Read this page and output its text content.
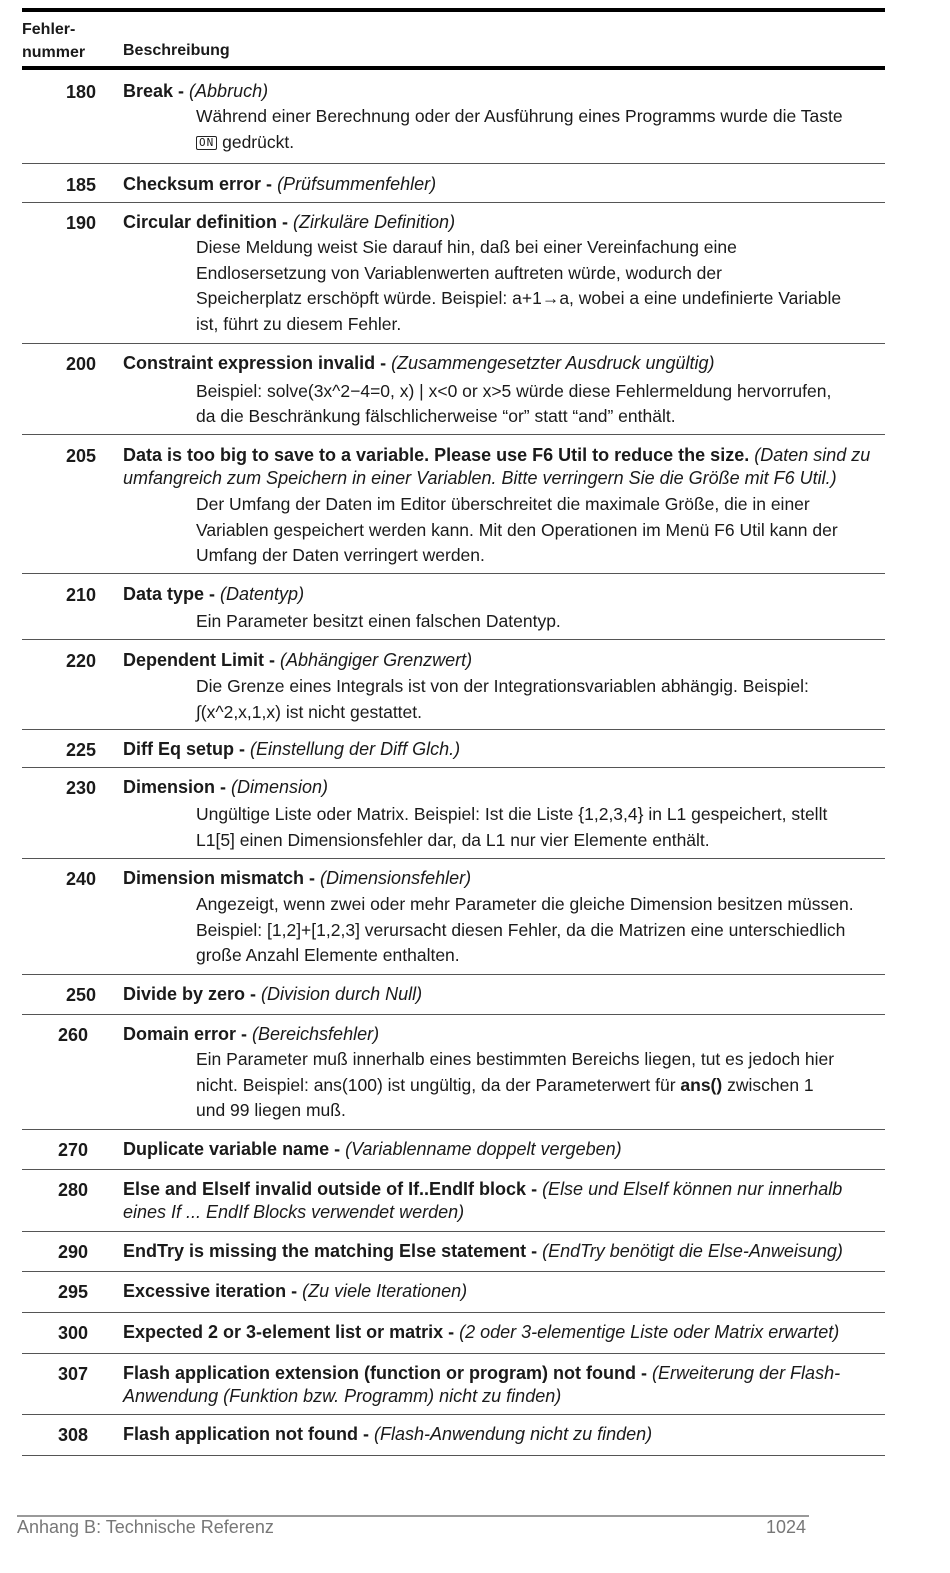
Fehler-
nummer	Beschreibung
180 Break - (Abbruch)
Während einer Berechnung oder der Ausführung eines Programms wurde die Taste
ON gedrückt.
185 Checksum error - (Prüfsummenfehler)
190 Circular definition - (Zirkuläre Definition)
Diese Meldung weist Sie darauf hin, daß bei einer Vereinfachung eine
Endlosersetzung von Variablenwerten auftreten würde, wodurch der
Speicherplatz erschöpft würde. Beispiel: a+1→a, wobei a eine undefinierte Variable
ist, führt zu diesem Fehler.
200 Constraint expression invalid - (Zusammengesetzter Ausdruck ungültig)
Beispiel: solve(3x^2−4=0, x) | x<0 or x>5 würde diese Fehlermeldung hervorrufen,
da die Beschränkung fälschlicherweise “or” statt “and” enthält.
205 Data is too big to save to a variable. Please use F6 Util to reduce the size. (Daten sind zu umfangreich zum Speichern in einer Variablen. Bitte verringern Sie die Größe mit F6 Util.)
Der Umfang der Daten im Editor überschreitet die maximale Größe, die in einer
Variablen gespeichert werden kann. Mit den Operationen im Menü F6 Util kann der
Umfang der Daten verringert werden.
210 Data type - (Datentyp)
Ein Parameter besitzt einen falschen Datentyp.
220 Dependent Limit - (Abhängiger Grenzwert)
Die Grenze eines Integrals ist von der Integrationsvariablen abhängig. Beispiel:
∫(x^2,x,1,x) ist nicht gestattet.
225 Diff Eq setup - (Einstellung der Diff Glch.)
230 Dimension - (Dimension)
Ungültige Liste oder Matrix. Beispiel: Ist die Liste {1,2,3,4} in L1 gespeichert, stellt
L1[5] einen Dimensionsfehler dar, da L1 nur vier Elemente enthält.
240 Dimension mismatch - (Dimensionsfehler)
Angezeigt, wenn zwei oder mehr Parameter die gleiche Dimension besitzen müssen.
Beispiel: [1,2]+[1,2,3] verursacht diesen Fehler, da die Matrizen eine unterschiedlich
große Anzahl Elemente enthalten.
250 Divide by zero - (Division durch Null)
260 Domain error - (Bereichsfehler)
Ein Parameter muß innerhalb eines bestimmten Bereichs liegen, tut es jedoch hier
nicht. Beispiel: ans(100) ist ungültig, da der Parameterwert für ans() zwischen 1
und 99 liegen muß.
270 Duplicate variable name - (Variablenname doppelt vergeben)
280 Else and ElseIf invalid outside of If..EndIf block - (Else und ElseIf können nur innerhalb eines If ... EndIf Blocks verwendet werden)
290 EndTry is missing the matching Else statement - (EndTry benötigt die Else-Anweisung)
295 Excessive iteration - (Zu viele Iterationen)
300 Expected 2 or 3-element list or matrix - (2 oder 3-elementige Liste oder Matrix erwartet)
307 Flash application extension (function or program) not found - (Erweiterung der Flash-Anwendung (Funktion bzw. Programm) nicht zu finden)
308 Flash application not found - (Flash-Anwendung nicht zu finden)
Anhang B: Technische Referenz	1024
